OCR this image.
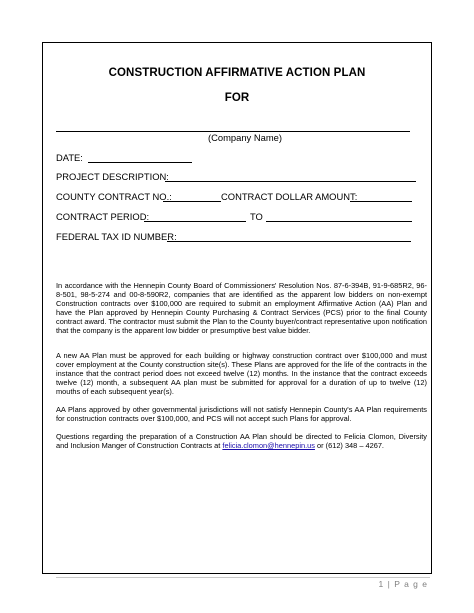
CONSTRUCTION AFFIRMATIVE ACTION PLAN
FOR
(Company Name)
DATE:
PROJECT DESCRIPTION:
COUNTY CONTRACT NO.:	CONTRACT DOLLAR AMOUNT:
CONTRACT PERIOD:	TO
FEDERAL TAX ID NUMBER:
In accordance with the Hennepin County Board of Commissioners' Resolution Nos. 87-6-394B, 91-9-685R2, 96-8-501, 98-5-274 and 00-8-590R2, companies that are identified as the apparent low bidders on non-exempt Construction contracts over $100,000 are required to submit an employment Affirmative Action (AA) Plan and have the Plan approved by Hennepin County Purchasing & Contract Services (PCS) prior to the final County contract award. The contractor must submit the Plan to the County buyer/contract representative upon notification that the company is the apparent low bidder or presumptive best value bidder.
A new AA Plan must be approved for each building or highway construction contract over $100,000 and must cover employment at the County construction site(s). These Plans are approved for the life of the contracts in the instance that the contract period does not exceed twelve (12) months. In the instance that the contract exceeds twelve (12) month, a subsequent AA plan must be submitted for approval for a duration of up to twelve (12) mouths of each subsequent year(s).
AA Plans approved by other governmental jurisdictions will not satisfy Hennepin County's AA Plan requirements for construction contracts over $100,000, and PCS will not accept such Plans for approval.
Questions regarding the preparation of a Construction AA Plan should be directed to Felicia Clomon, Diversity and Inclusion Manger of Construction Contracts at felicia.clomon@hennepin.us or (612) 348 – 4267.
1 | P a g e
